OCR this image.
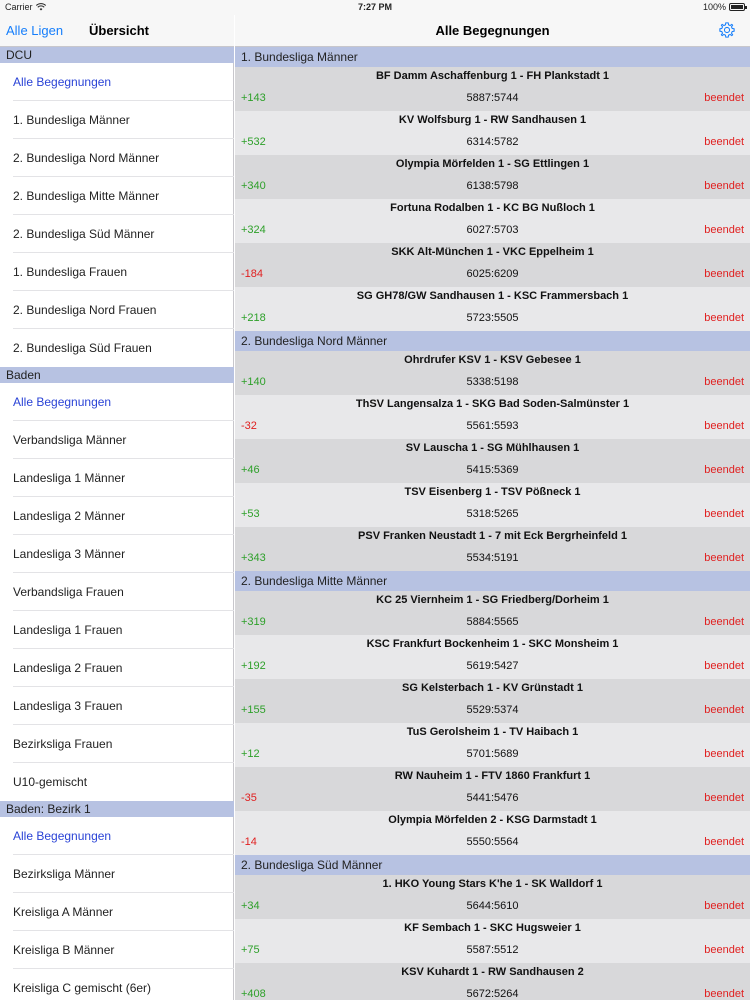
Carrier	7:27 PM	100%
Alle Ligen Übersicht
DCU
Alle Begegnungen
1. Bundesliga Männer
2. Bundesliga Nord Männer
2. Bundesliga Mitte Männer
2. Bundesliga Süd Männer
1. Bundesliga Frauen
2. Bundesliga Nord Frauen
2. Bundesliga Süd Frauen
Baden
Alle Begegnungen
Verbandsliga Männer
Landesliga 1 Männer
Landesliga 2 Männer
Landesliga 3 Männer
Verbandsliga Frauen
Landesliga 1 Frauen
Landesliga 2 Frauen
Landesliga 3 Frauen
Bezirksliga Frauen
U10-gemischt
Baden: Bezirk 1
Alle Begegnungen
Bezirksliga Männer
Kreisliga A Männer
Kreisliga B Männer
Kreisliga C gemischt (6er)
Alle Begegnungen
1. Bundesliga Männer
BF Damm Aschaffenburg 1 - FH Plankstadt 1
+143	5887:5744	beendet
KV Wolfsburg 1 - RW Sandhausen 1
+532	6314:5782	beendet
Olympia Mörfelden 1 - SG Ettlingen 1
+340	6138:5798	beendet
Fortuna Rodalben 1 - KC BG Nußloch 1
+324	6027:5703	beendet
SKK Alt-München 1 - VKC Eppelheim 1
-184	6025:6209	beendet
SG GH78/GW Sandhausen 1 - KSC Frammersbach 1
+218	5723:5505	beendet
2. Bundesliga Nord Männer
Ohrdrufer KSV 1 - KSV Gebesee 1
+140	5338:5198	beendet
ThSV Langensalza 1 - SKG Bad Soden-Salmünster 1
-32	5561:5593	beendet
SV Lauscha 1 - SG Mühlhausen 1
+46	5415:5369	beendet
TSV Eisenberg 1 - TSV Pößneck 1
+53	5318:5265	beendet
PSV Franken Neustadt 1 - 7 mit Eck Bergrheinfeld 1
+343	5534:5191	beendet
2. Bundesliga Mitte Männer
KC 25 Viernheim 1 - SG Friedberg/Dorheim 1
+319	5884:5565	beendet
KSC Frankfurt Bockenheim 1 - SKC Monsheim 1
+192	5619:5427	beendet
SG Kelsterbach 1 - KV Grünstadt 1
+155	5529:5374	beendet
TuS Gerolsheim 1 - TV Haibach 1
+12	5701:5689	beendet
RW Nauheim 1 - FTV 1860 Frankfurt 1
-35	5441:5476	beendet
Olympia Mörfelden 2 - KSG Darmstadt 1
-14	5550:5564	beendet
2. Bundesliga Süd Männer
1. HKO Young Stars K'he 1 - SK Walldorf 1
+34	5644:5610	beendet
KF Sembach 1 - SKC Hugsweier 1
+75	5587:5512	beendet
KSV Kuhardt 1 - RW Sandhausen 2
+408	5672:5264	beendet
